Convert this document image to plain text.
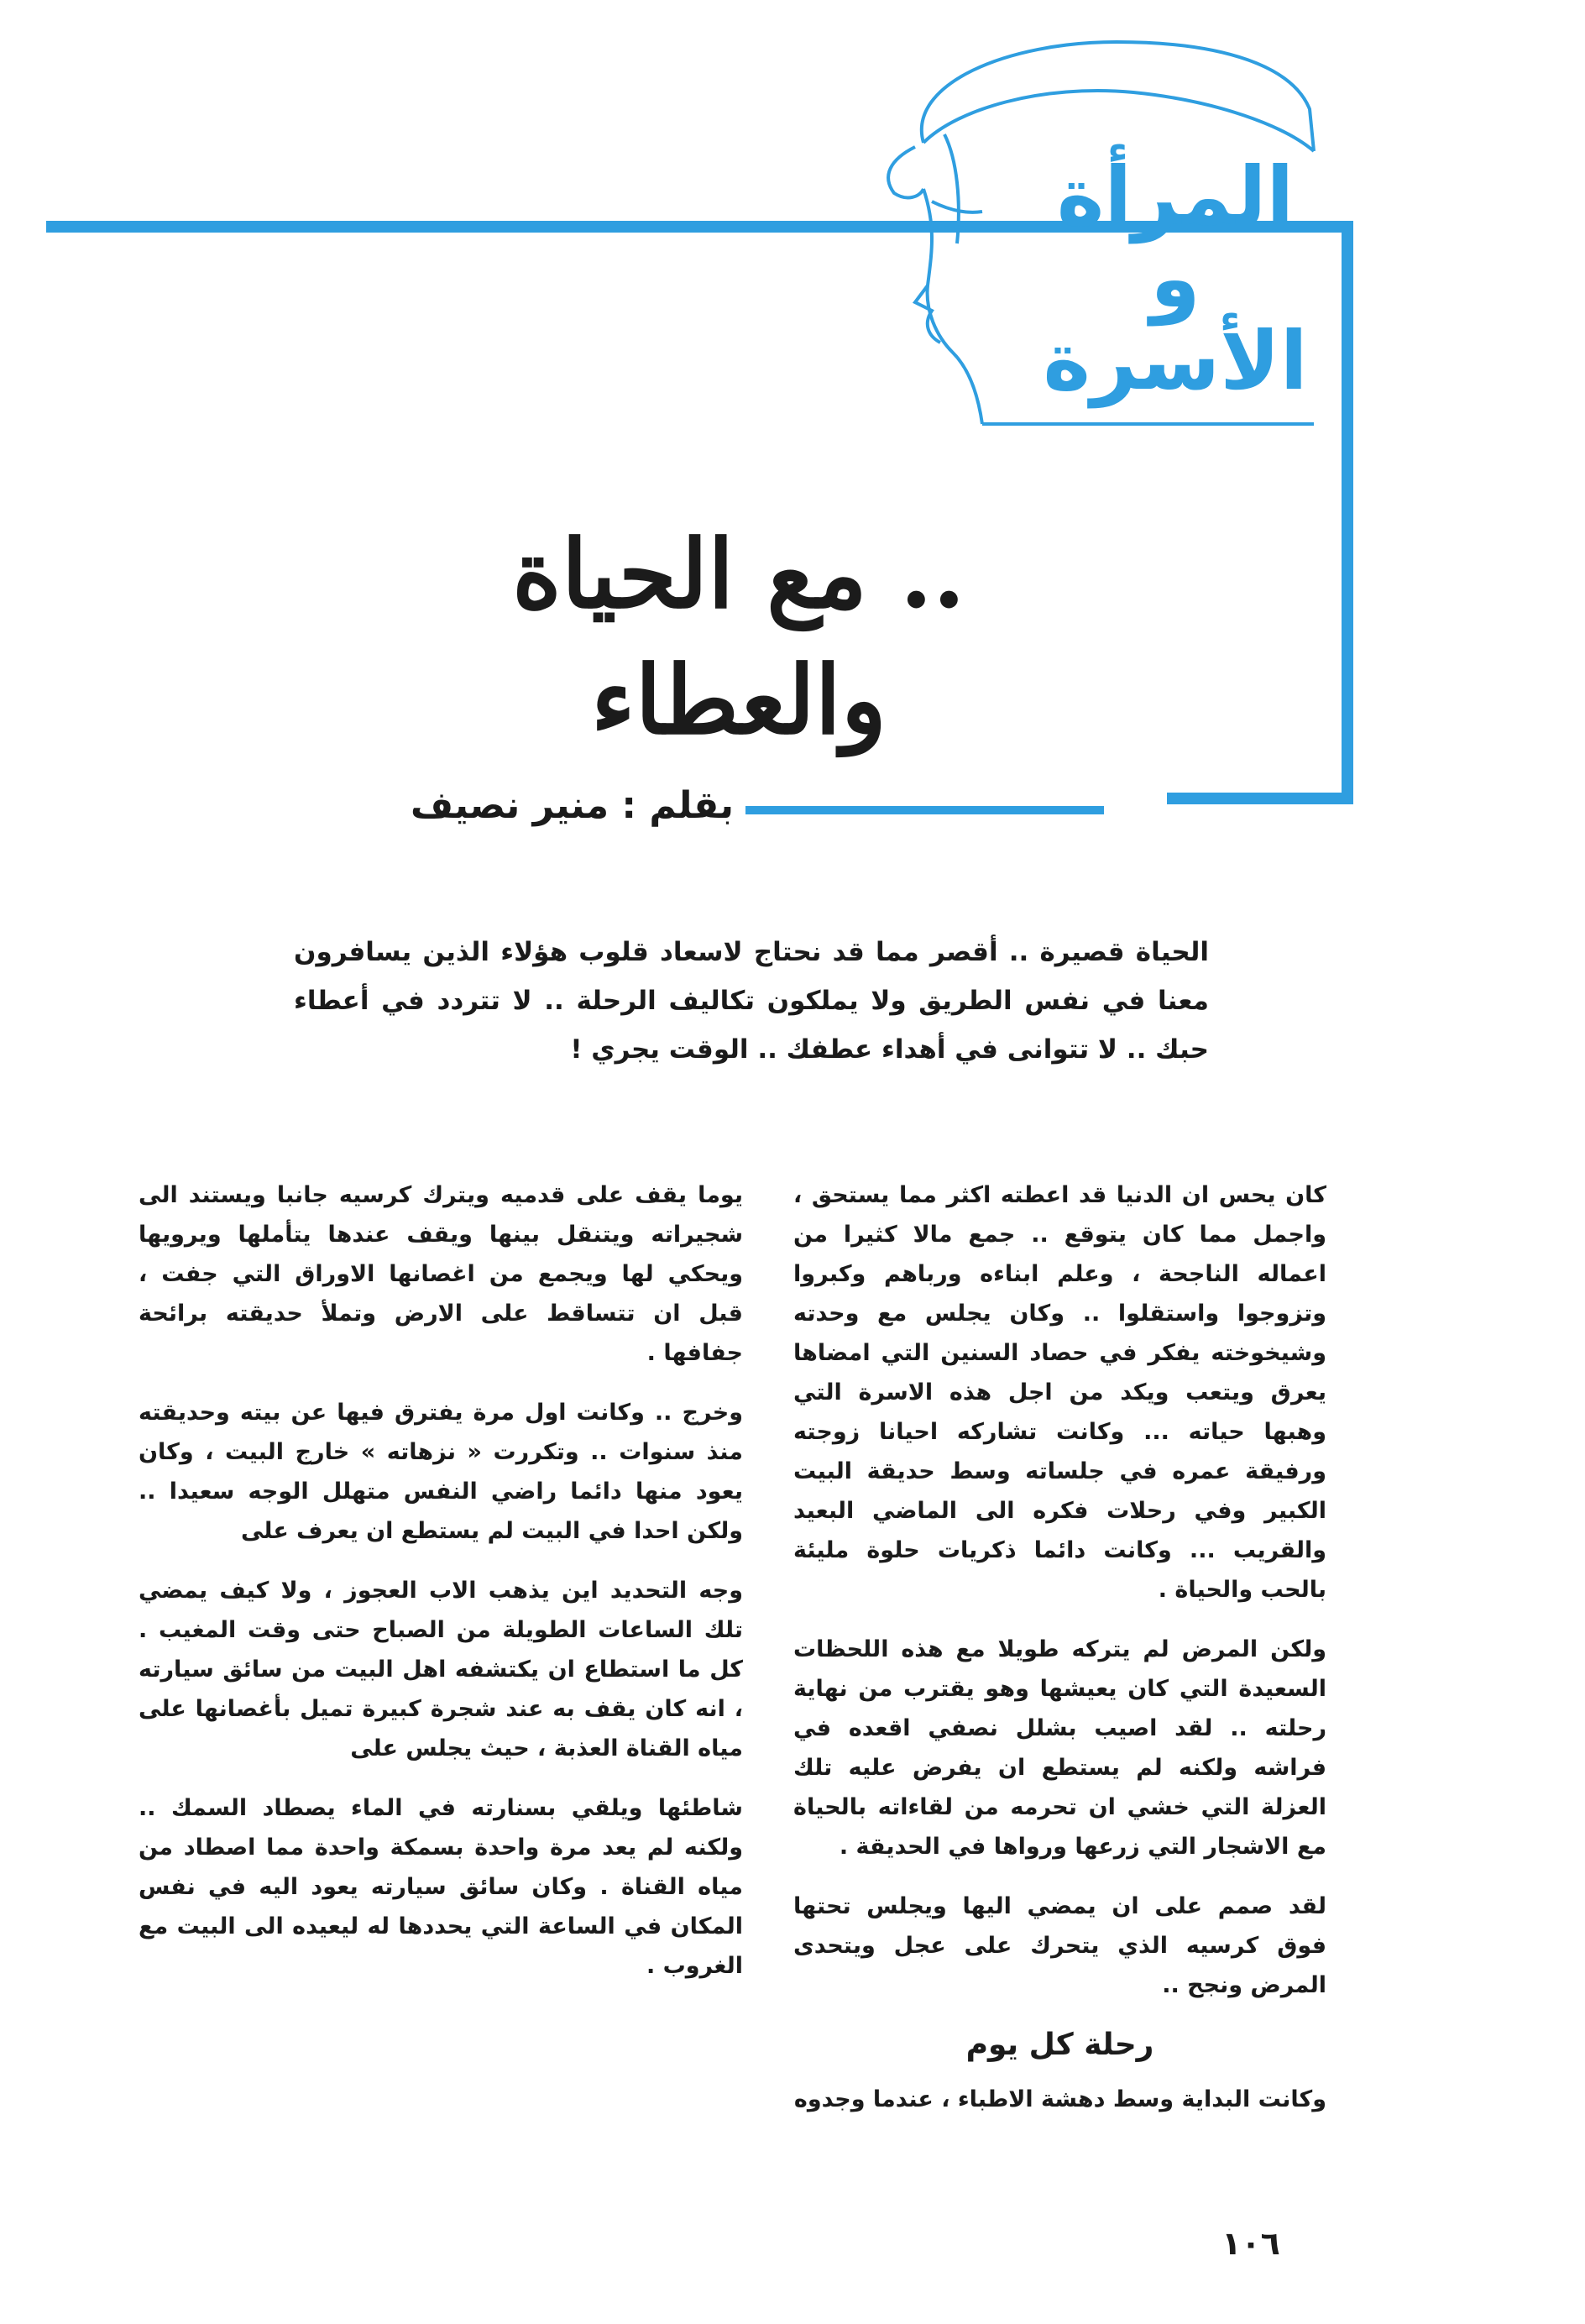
المرأة و
الأسرة
.. مع الحياة والعطاء
بقلم : منير نصيف
الحياة قصيرة .. أقصر مما قد نحتاج لاسعاد قلوب هؤلاء الذين يسافرون معنا في نفس الطريق ولا يملكون تكاليف الرحلة .. لا تتردد في أعطاء حبك .. لا تتوانى في أهداء عطفك .. الوقت يجري !

كان يحس ان الدنيا قد اعطته اكثر مما يستحق ، واجمل مما كان يتوقع .. جمع مالا كثيرا من اعماله الناجحة ، وعلم ابناءه ورباهم وكبروا وتزوجوا واستقلوا .. وكان يجلس مع وحدته وشيخوخته يفكر في حصاد السنين التي امضاها يعرق ويتعب ويكد من اجل هذه الاسرة التي وهبها حياته ... وكانت تشاركه احيانا زوجته ورفيقة عمره في جلساته وسط حديقة البيت الكبير وفي رحلات فكره الى الماضي البعيد والقريب ... وكانت دائما ذكريات حلوة مليئة بالحب والحياة .

ولكن المرض لم يتركه طويلا مع هذه اللحظات السعيدة التي كان يعيشها وهو يقترب من نهاية رحلته .. لقد اصيب بشلل نصفي اقعده في فراشه ولكنه لم يستطع ان يفرض عليه تلك العزلة التي خشي ان تحرمه من لقاءاته بالحياة مع الاشجار التي زرعها ورواها في الحديقة .

لقد صمم على ان يمضي اليها ويجلس تحتها فوق كرسيه الذي يتحرك على عجل ويتحدى المرض ونجح ..

رحلة كل يوم

وكانت البداية وسط دهشة الاطباء ، عندما وجدوه

يوما يقف على قدميه ويترك كرسيه جانبا ويستند الى شجيراته ويتنقل بينها ويقف عندها يتأملها ويرويها ويحكي لها ويجمع من اغصانها الاوراق التي جفت ، قبل ان تتساقط على الارض وتملأ حديقته برائحة جفافها .

وخرج .. وكانت اول مرة يفترق فيها عن بيته وحديقته منذ سنوات .. وتكررت « نزهاته » خارج البيت ، وكان يعود منها دائما راضي النفس متهلل الوجه سعيدا .. ولكن احدا في البيت لم يستطع ان يعرف على

وجه التحديد اين يذهب الاب العجوز ، ولا كيف يمضي تلك الساعات الطويلة من الصباح حتى وقت المغيب . كل ما استطاع ان يكتشفه اهل البيت من سائق سيارته ، انه كان يقف به عند شجرة كبيرة تميل بأغصانها على مياه القناة العذبة ، حيث يجلس على

شاطئها ويلقي بسنارته في الماء يصطاد السمك .. ولكنه لم يعد مرة واحدة بسمكة واحدة مما اصطاد من مياه القناة . وكان سائق سيارته يعود اليه في نفس المكان في الساعة التي يحددها له ليعيده الى البيت مع الغروب .

١٠٦
